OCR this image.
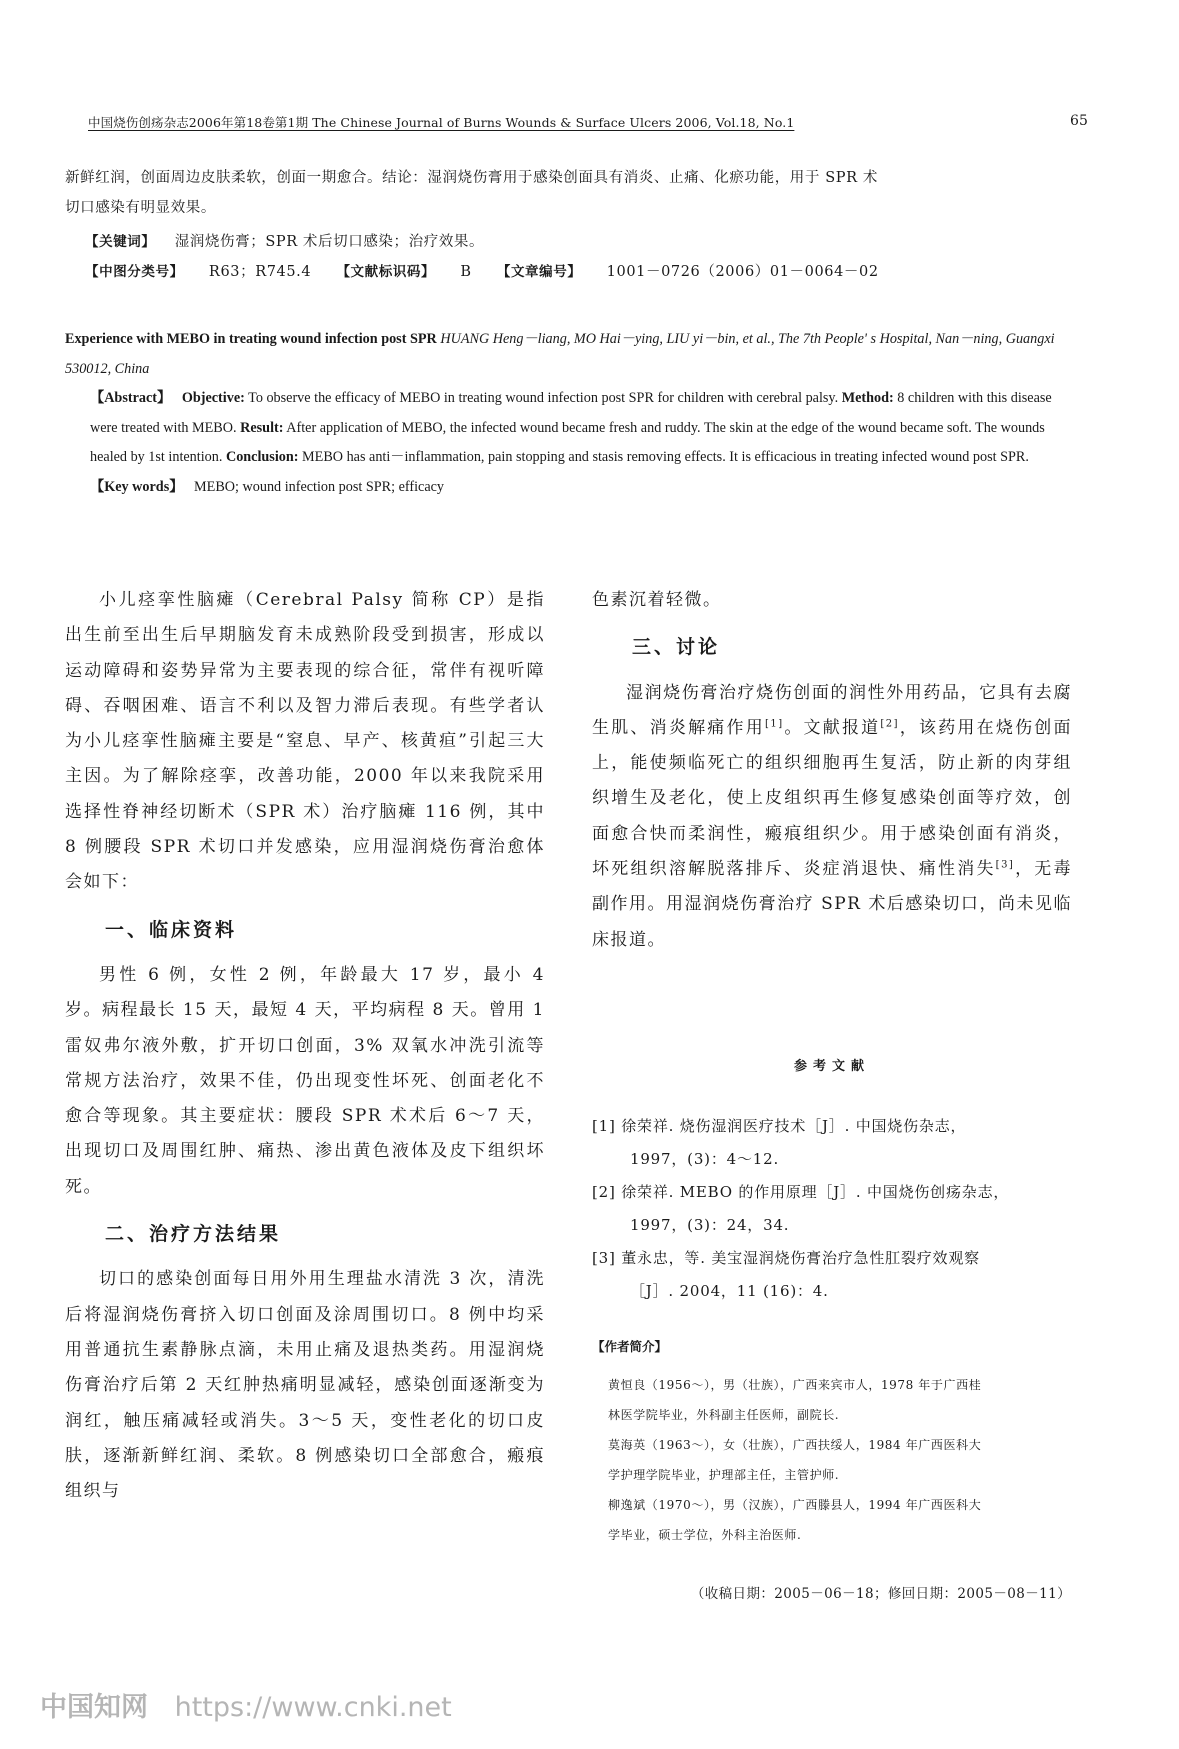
中国烧伤创疡杂志2006年第18卷第1期 The Chinese Journal of Burns Wounds & Surface Ulcers 2006, Vol.18, No.1	65
新鲜红润，创面周边皮肤柔软，创面一期愈合。结论：湿润烧伤膏用于感染创面具有消炎、止痛、化瘀功能，用于 SPR 术
切口感染有明显效果。
【关键词】 湿润烧伤膏；SPR 术后切口感染；治疗效果。
【中图分类号】 R63；R745.4 【文献标识码】 B 【文章编号】 1001－0726（2006）01－0064－02

Experience with MEBO in treating wound infection post SPR HUANG Heng－liang, MO Hai－ying, LIU yi－bin, et al., The 7th People' s Hospital, Nan－ning, Guangxi 530012, China

【Abstract】 Objective: To observe the efficacy of MEBO in treating wound infection post SPR for children with cerebral palsy. Method: 8 children with this disease were treated with MEBO. Result: After application of MEBO, the infected wound became fresh and ruddy. The skin at the edge of the wound became soft. The wounds healed by 1st intention. Conclusion: MEBO has anti－inflammation, pain stopping and stasis removing effects. It is efficacious in treating infected wound post SPR.

【Key words】 MEBO; wound infection post SPR; efficacy

小儿痉挛性脑瘫（Cerebral Palsy 简称 CP）是指出生前至出生后早期脑发育未成熟阶段受到损害，形成以运动障碍和姿势异常为主要表现的综合征，常伴有视听障碍、吞咽困难、语言不利以及智力滞后表现。有些学者认为小儿痉挛性脑瘫主要是“窒息、早产、核黄疸”引起三大主因。为了解除痉挛，改善功能，2000 年以来我院采用选择性脊神经切断术（SPR 术）治疗脑瘫 116 例，其中 8 例腰段 SPR 术切口并发感染，应用湿润烧伤膏治愈体会如下：

一、临床资料

男性 6 例，女性 2 例，年龄最大 17 岁，最小 4 岁。病程最长 15 天，最短 4 天，平均病程 8 天。曾用 1 雷奴弗尔液外敷，扩开切口创面，3% 双氧水冲洗引流等常规方法治疗，效果不佳，仍出现变性坏死、创面老化不愈合等现象。其主要症状：腰段 SPR 术术后 6～7 天，出现切口及周围红肿、痛热、渗出黄色液体及皮下组织坏死。

二、治疗方法结果

切口的感染创面每日用外用生理盐水清洗 3 次，清洗后将湿润烧伤膏挤入切口创面及涂周围切口。8 例中均采用普通抗生素静脉点滴，未用止痛及退热类药。用湿润烧伤膏治疗后第 2 天红肿热痛明显减轻，感染创面逐渐变为润红，触压痛减轻或消失。3～5 天，变性老化的切口皮肤，逐渐新鲜红润、柔软。8 例感染切口全部愈合，瘢痕组织与

色素沉着轻微。

三、讨论

湿润烧伤膏治疗烧伤创面的润性外用药品，它具有去腐生肌、消炎解痛作用[1]。文献报道[2]，该药用在烧伤创面上，能使频临死亡的组织细胞再生复活，防止新的肉芽组织增生及老化，使上皮组织再生修复感染创面等疗效，创面愈合快而柔润性，瘢痕组织少。用于感染创面有消炎，坏死组织溶解脱落排斥、炎症消退快、痛性消失[3]，无毒副作用。用湿润烧伤膏治疗 SPR 术后感染切口，尚未见临床报道。

参考文献
[1] 徐荣祥. 烧伤湿润医疗技术［J］. 中国烧伤杂志，
1997，(3)：4～12.
[2] 徐荣祥. MEBO 的作用原理［J］. 中国烧伤创疡杂志，
1997，(3)：24，34.
[3] 董永忠，等. 美宝湿润烧伤膏治疗急性肛裂疗效观察
［J］. 2004，11 (16)：4.
【作者简介】
黄恒良（1956～），男（壮族），广西来宾市人，1978 年于广西桂
林医学院毕业，外科副主任医师，副院长.
莫海英（1963～），女（壮族），广西扶绥人，1984 年广西医科大
学护理学院毕业，护理部主任，主管护师.
柳逸斌（1970～），男（汉族），广西滕县人，1994 年广西医科大
学毕业，硕士学位，外科主治医师.
（收稿日期：2005－06－18；修回日期：2005－08－11）
中国知网 https://www.cnki.net
